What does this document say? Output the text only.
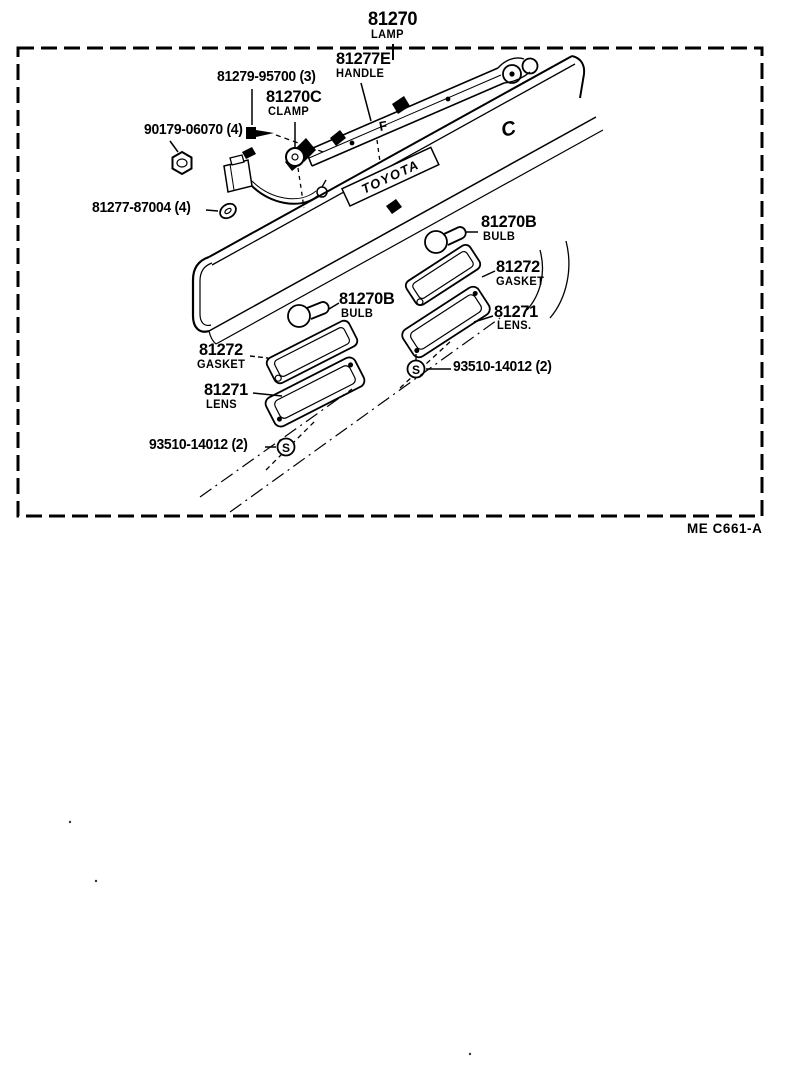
TOYOTA
C
F
S
S
81270
LAMP
81279-95700 (3)
81270C
CLAMP
81277E
HANDLE
90179-06070 (4)
81277-87004 (4)
81270B
BULB
81272
GASKET
81271
LENS.
93510-14012 (2)
81270B
BULB
81272
GASKET
81271
LENS
93510-14012 (2)
ME C661-A
